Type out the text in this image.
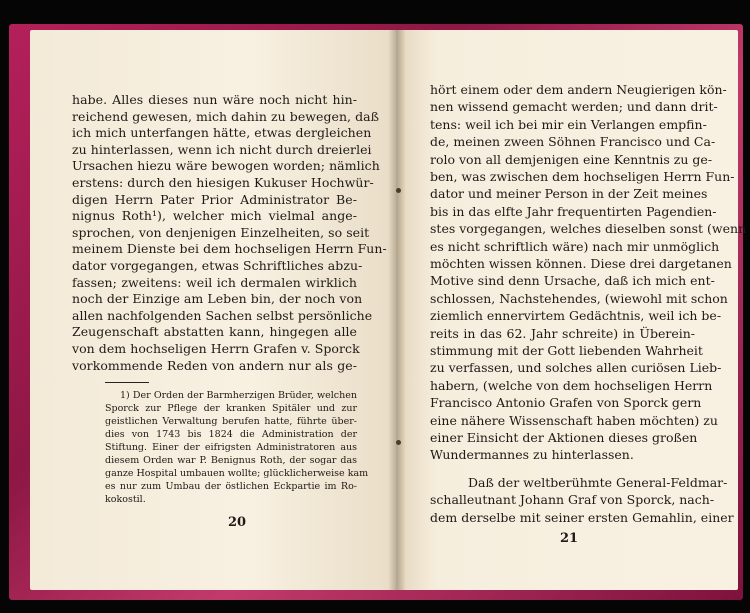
habe. Alles dieses nun wäre noch nicht hin-
reichend gewesen, mich dahin zu bewegen, daß
ich mich unterfangen hätte, etwas dergleichen
zu hinterlassen, wenn ich nicht durch dreierlei
Ursachen hiezu wäre bewogen worden; nämlich
erstens: durch den hiesigen Kukuser Hochwür-
digen Herrn Pater Prior Administrator Be-
nignus Roth¹), welcher mich vielmal ange-
sprochen, von denjenigen Einzelheiten, so seit
meinem Dienste bei dem hochseligen Herrn Fun-
dator vorgegangen, etwas Schriftliches abzu-
fassen; zweitens: weil ich dermalen wirklich
noch der Einzige am Leben bin, der noch von
allen nachfolgenden Sachen selbst persönliche
Zeugenschaft abstatten kann, hingegen alle
von dem hochseligen Herrn Grafen v. Sporck
vorkommende Reden von andern nur als ge-
1) Der Orden der Barmherzigen Brüder, welchen
Sporck zur Pflege der kranken Spitäler und zur
geistlichen Verwaltung berufen hatte, führte über-
dies von 1743 bis 1824 die Administration der
Stiftung. Einer der eifrigsten Administratoren aus
diesem Orden war P. Benignus Roth, der sogar das
ganze Hospital umbauen wollte; glücklicherweise kam
es nur zum Umbau der östlichen Eckpartie im Ro-
kokostil.
hört einem oder dem andern Neugierigen kön-
nen wissend gemacht werden; und dann drit-
tens: weil ich bei mir ein Verlangen empfin-
de, meinen zween Söhnen Francisco und Ca-
rolo von all demjenigen eine Kenntnis zu ge-
ben, was zwischen dem hochseligen Herrn Fun-
dator und meiner Person in der Zeit meines
bis in das elfte Jahr frequentirten Pagendien-
stes vorgegangen, welches dieselben sonst (wenn
es nicht schriftlich wäre) nach mir unmöglich
möchten wissen können. Diese drei dargetanen
Motive sind denn Ursache, daß ich mich ent-
schlossen, Nachstehendes, (wiewohl mit schon
ziemlich ennervirtem Gedächtnis, weil ich be-
reits in das 62. Jahr schreite) in Überein-
stimmung mit der Gott liebenden Wahrheit
zu verfassen, und solches allen curiösen Lieb-
habern, (welche von dem hochseligen Herrn
Francisco Antonio Grafen von Sporck gern
eine nähere Wissenschaft haben möchten) zu
einer Einsicht der Aktionen dieses großen
Wundermannes zu hinterlassen.
Daß der weltberühmte General-Feldmar-
schalleutnant Johann Graf von Sporck, nach-
dem derselbe mit seiner ersten Gemahlin, einer
20
21
